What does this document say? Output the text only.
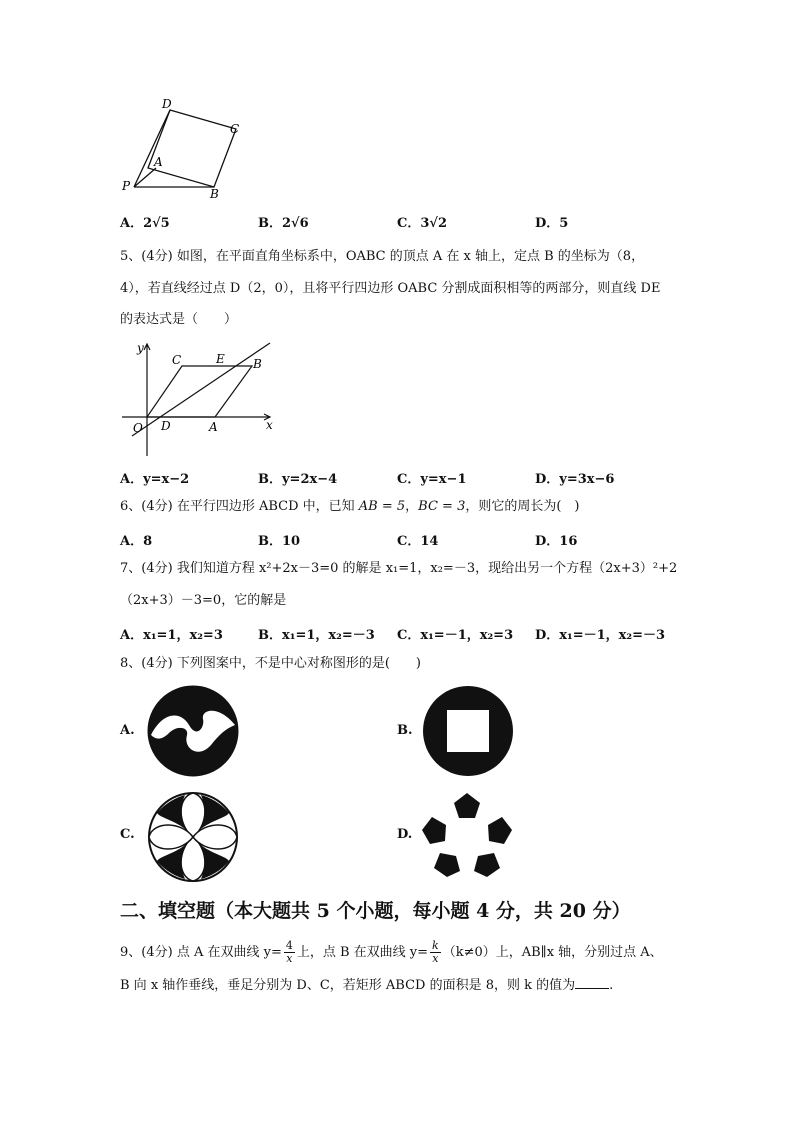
D
C
A
P
B
A．2√5	B．2√6	C．3√2	D．5
5、(4分) 如图，在平面直角坐标系中，OABC 的顶点 A 在 x 轴上，定点 B 的坐标为（8，
4），若直线经过点 D（2，0），且将平行四边形 OABC 分割成面积相等的两部分，则直线 DE
的表达式是（　　）
y
x
O D	A
C	E B
A．y=x−2	B．y=2x−4	C．y=x−1	D．y=3x−6
6、(4分) 在平行四边形 ABCD 中，已知 AB = 5，BC = 3，则它的周长为(　)
A．8	B．10	C．14	D．16
7、(4分) 我们知道方程 x²+2x－3=0 的解是 x₁=1，x₂=－3，现给出另一个方程（2x+3）²+2
（2x+3）－3=0，它的解是
A．x₁=1，x₂=3	B．x₁=1，x₂=－3 C．x₁=－1，x₂=3 D．x₁=－1，x₂=－3
8、(4分) 下列图案中，不是中心对称图形的是(　　)
A.	B.
C.	D.
二、填空题（本大题共 5 个小题，每小题 4 分，共 20 分）
9、(4分) 点 A 在双曲线 $y= \frac{4}{x}$ 上，点 B 在双曲线 $y= \frac{k}{x} (k\ne 0)$上，AB∥x 轴，分别过点 A、
B 向 x 轴作垂线，垂足分别为 D、C，若矩形 ABCD 的面积是 8，则 k 的值为	.
